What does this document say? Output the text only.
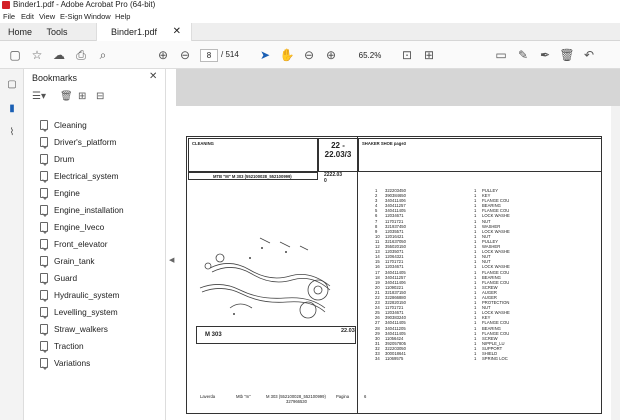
Binder1.pdf - Adobe Acrobat Pro (64-bit)
File Edit View E-Sign Window Help
Home	Tools	Binder1.pdf ✕
▢ ☆ ☁ ⎙	⌕	⊕ ⊖	8	/ 514	➤ ✋ ⊖ ⊕	65.2%	⊡ ⊞	▭ ✎ ✒ 🗑 ↶
▢
▮
⌇
Bookmarks	✕
☰▾ 🗑 ⊞ ⊟
Cleaning
Driver's_platform
Drum
Electrical_system
Engine
Engine_installation
Engine_Iveco
Front_elevator
Grain_tank
Guard
Hydraulic_system
Levelling_system
Straw_walkers
Traction
Variations
◀
CLEANING	22 -
22.03/3
SHAKER SHOE page3
MTB "M" M 303 (552100028_552100999)	2222.03
0
M 303
22.03
1 322203450	1 PULLEY
2 390384650	1 KEY
3 340411406	1 FLANGE COU
4 340411257	1 BEARING
5 340411405	1 FLANGE COU
6 12034671	1 LOCK WASHE
7 11701721	1 NUT
8 321937450	1 WASHER
9 12035571	1 LOCK WASHE
10 12016421	1 NUT
11 321637050	1 PULLEY
12 355020150	1 WASHER
13 12035071	1 LOCK WASHE
14 12064321	1 NUT
15 11701721	1 NUT
16 12034671	1 LOCK WASHE
17 340411405	1 FLANGE COU
18 340411257	1 BEARING
19 340411406	1 FLANGE COU
20 11090221	1 SCREW
21 321837150	1 AUGER
22 322866880	1 AUGER
23 322820150	1 PROTECTION
24 11701721	1 NUT
25 12034671	1 LOCK WASHE
26 390383240	1 KEY
27 340411405	1 FLANGE COU
28 340411205	1 BEARING
29 340411405	1 FLANGE COU
30 11056424	1 SCREW
31 392057805	1 NIPPLE_LU
32 322203050	1 SUPPORT
33 300018641	1 SHIELD
34 11069575	1 SPRING LOC
Laverda	Mtb "m"	M 303 (552100028_552100999)
327966530
Pagina	6
